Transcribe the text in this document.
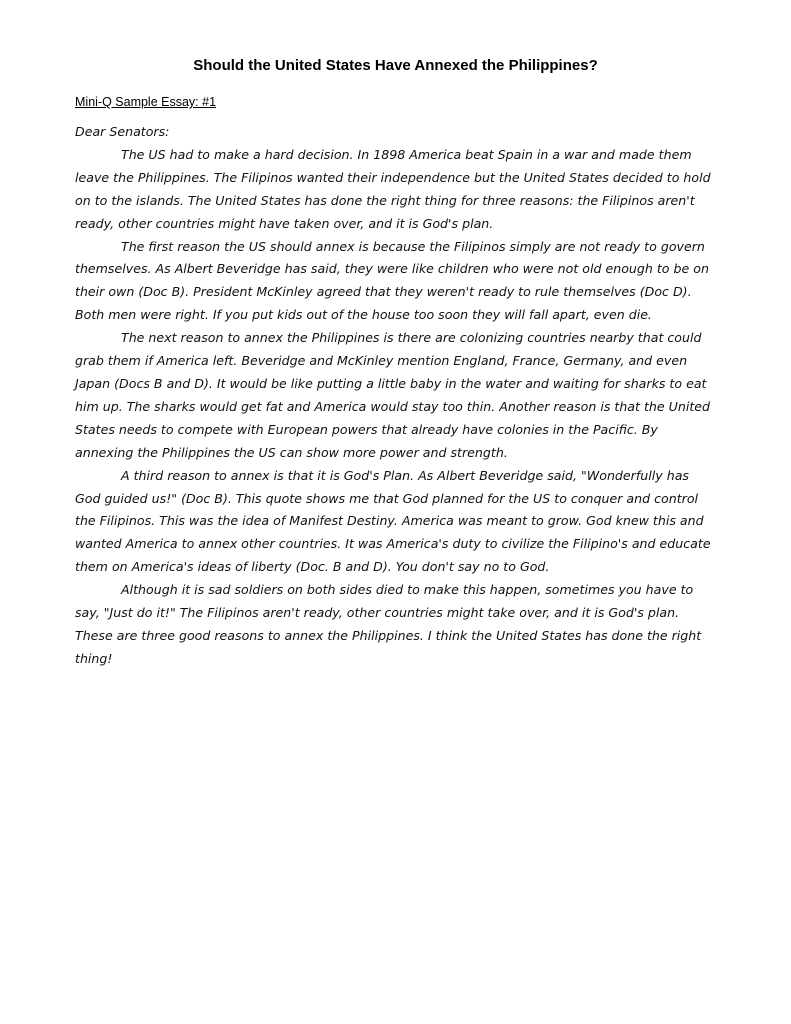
Should the United States Have Annexed the Philippines?
Mini-Q Sample Essay: #1

Dear Senators:

The US had to make a hard decision. In 1898 America beat Spain in a war and made them leave the Philippines. The Filipinos wanted their independence but the United States decided to hold on to the islands. The United States has done the right thing for three reasons: the Filipinos aren't ready, other countries might have taken over, and it is God's plan.

The first reason the US should annex is because the Filipinos simply are not ready to govern themselves. As Albert Beveridge has said, they were like children who were not old enough to be on their own (Doc B). President McKinley agreed that they weren't ready to rule themselves (Doc D). Both men were right. If you put kids out of the house too soon they will fall apart, even die.

The next reason to annex the Philippines is there are colonizing countries nearby that could grab them if America left. Beveridge and McKinley mention England, France, Germany, and even Japan (Docs B and D). It would be like putting a little baby in the water and waiting for sharks to eat him up. The sharks would get fat and America would stay too thin. Another reason is that the United States needs to compete with European powers that already have colonies in the Pacific. By annexing the Philippines the US can show more power and strength.

A third reason to annex is that it is God's Plan. As Albert Beveridge said, "Wonderfully has God guided us!" (Doc B). This quote shows me that God planned for the US to conquer and control the Filipinos. This was the idea of Manifest Destiny. America was meant to grow. God knew this and wanted America to annex other countries. It was America's duty to civilize the Filipino's and educate them on America's ideas of liberty (Doc. B and D). You don't say no to God.

Although it is sad soldiers on both sides died to make this happen, sometimes you have to say, "Just do it!" The Filipinos aren't ready, other countries might take over, and it is God's plan. These are three good reasons to annex the Philippines. I think the United States has done the right thing!
